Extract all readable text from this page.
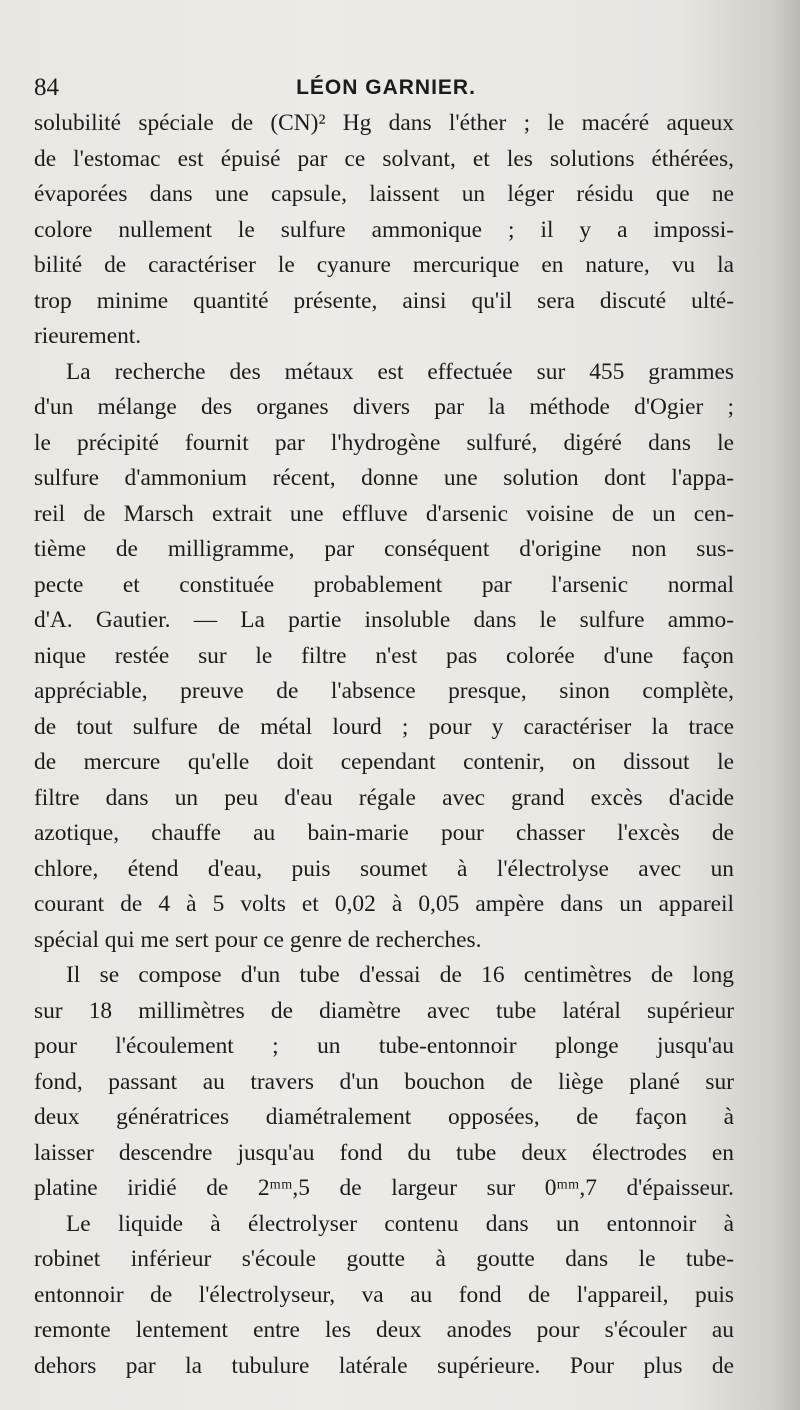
84	LÉON GARNIER.
solubilité spéciale de (CN)² Hg dans l'éther ; le macéré aqueux
de l'estomac est épuisé par ce solvant, et les solutions éthérées,
évaporées dans une capsule, laissent un léger résidu que ne
colore nullement le sulfure ammonique ; il y a impossi-
bilité de caractériser le cyanure mercurique en nature, vu la
trop minime quantité présente, ainsi qu'il sera discuté ulté-
rieurement.
La recherche des métaux est effectuée sur 455 grammes
d'un mélange des organes divers par la méthode d'Ogier ;
le précipité fournit par l'hydrogène sulfuré, digéré dans le
sulfure d'ammonium récent, donne une solution dont l'appa-
reil de Marsch extrait une effluve d'arsenic voisine de un cen-
tième de milligramme, par conséquent d'origine non sus-
pecte et constituée probablement par l'arsenic normal
d'A. Gautier. — La partie insoluble dans le sulfure ammo-
nique restée sur le filtre n'est pas colorée d'une façon
appréciable, preuve de l'absence presque, sinon complète,
de tout sulfure de métal lourd ; pour y caractériser la trace
de mercure qu'elle doit cependant contenir, on dissout le
filtre dans un peu d'eau régale avec grand excès d'acide
azotique, chauffe au bain-marie pour chasser l'excès de
chlore, étend d'eau, puis soumet à l'électrolyse avec un
courant de 4 à 5 volts et 0,02 à 0,05 ampère dans un appareil
spécial qui me sert pour ce genre de recherches.
Il se compose d'un tube d'essai de 16 centimètres de long
sur 18 millimètres de diamètre avec tube latéral supérieur
pour l'écoulement ; un tube-entonnoir plonge jusqu'au
fond, passant au travers d'un bouchon de liège plané sur
deux génératrices diamétralement opposées, de façon à
laisser descendre jusqu'au fond du tube deux électrodes en
platine iridié de 2ᵐᵐ,5 de largeur sur 0ᵐᵐ,7 d'épaisseur.
Le liquide à électrolyser contenu dans un entonnoir à
robinet inférieur s'écoule goutte à goutte dans le tube-
entonnoir de l'électrolyseur, va au fond de l'appareil, puis
remonte lentement entre les deux anodes pour s'écouler au
dehors par la tubulure latérale supérieure. Pour plus de
